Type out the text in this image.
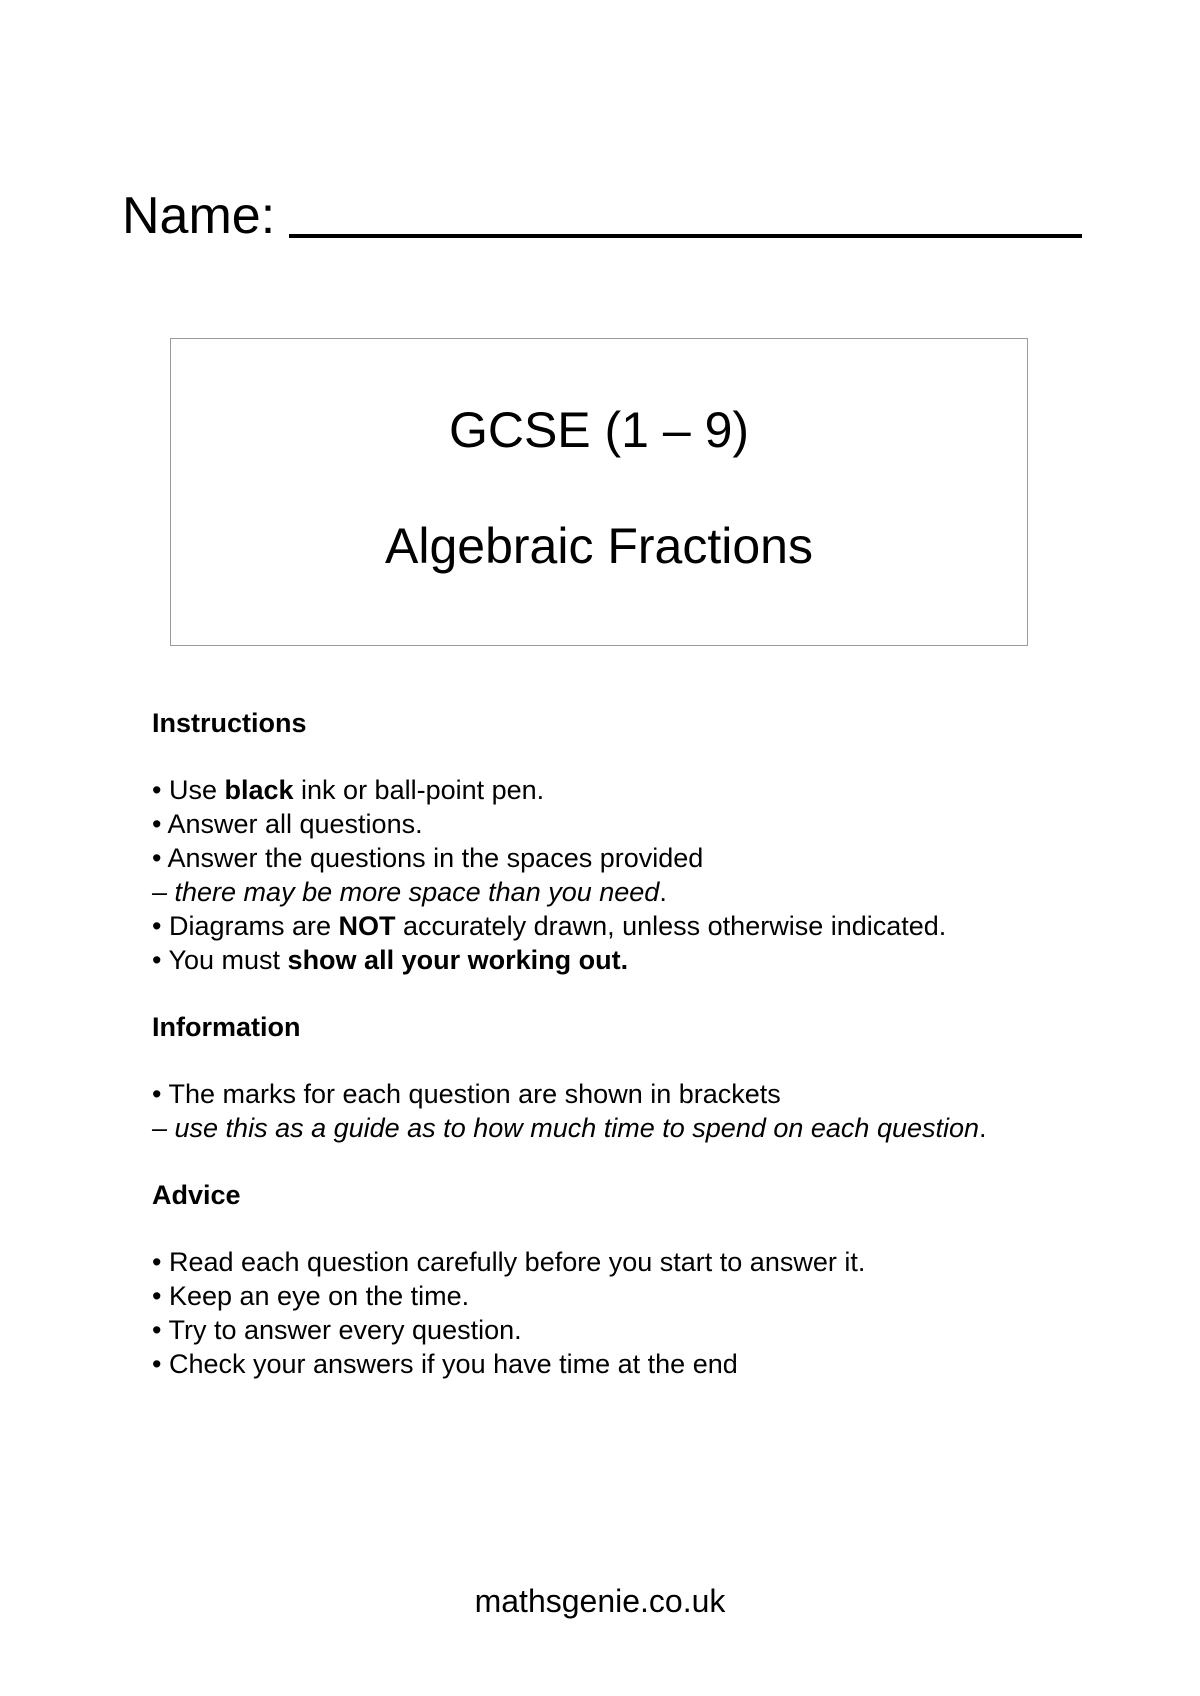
Name:
GCSE (1 – 9)
Algebraic Fractions

Instructions

• Use black ink or ball-point pen.

• Answer all questions.

• Answer the questions in the spaces provided

– there may be more space than you need.

• Diagrams are NOT accurately drawn, unless otherwise indicated.

• You must show all your working out.

Information

• The marks for each question are shown in brackets

– use this as a guide as to how much time to spend on each question.

Advice

• Read each question carefully before you start to answer it.

• Keep an eye on the time.

• Try to answer every question.

• Check your answers if you have time at the end

mathsgenie.co.uk
